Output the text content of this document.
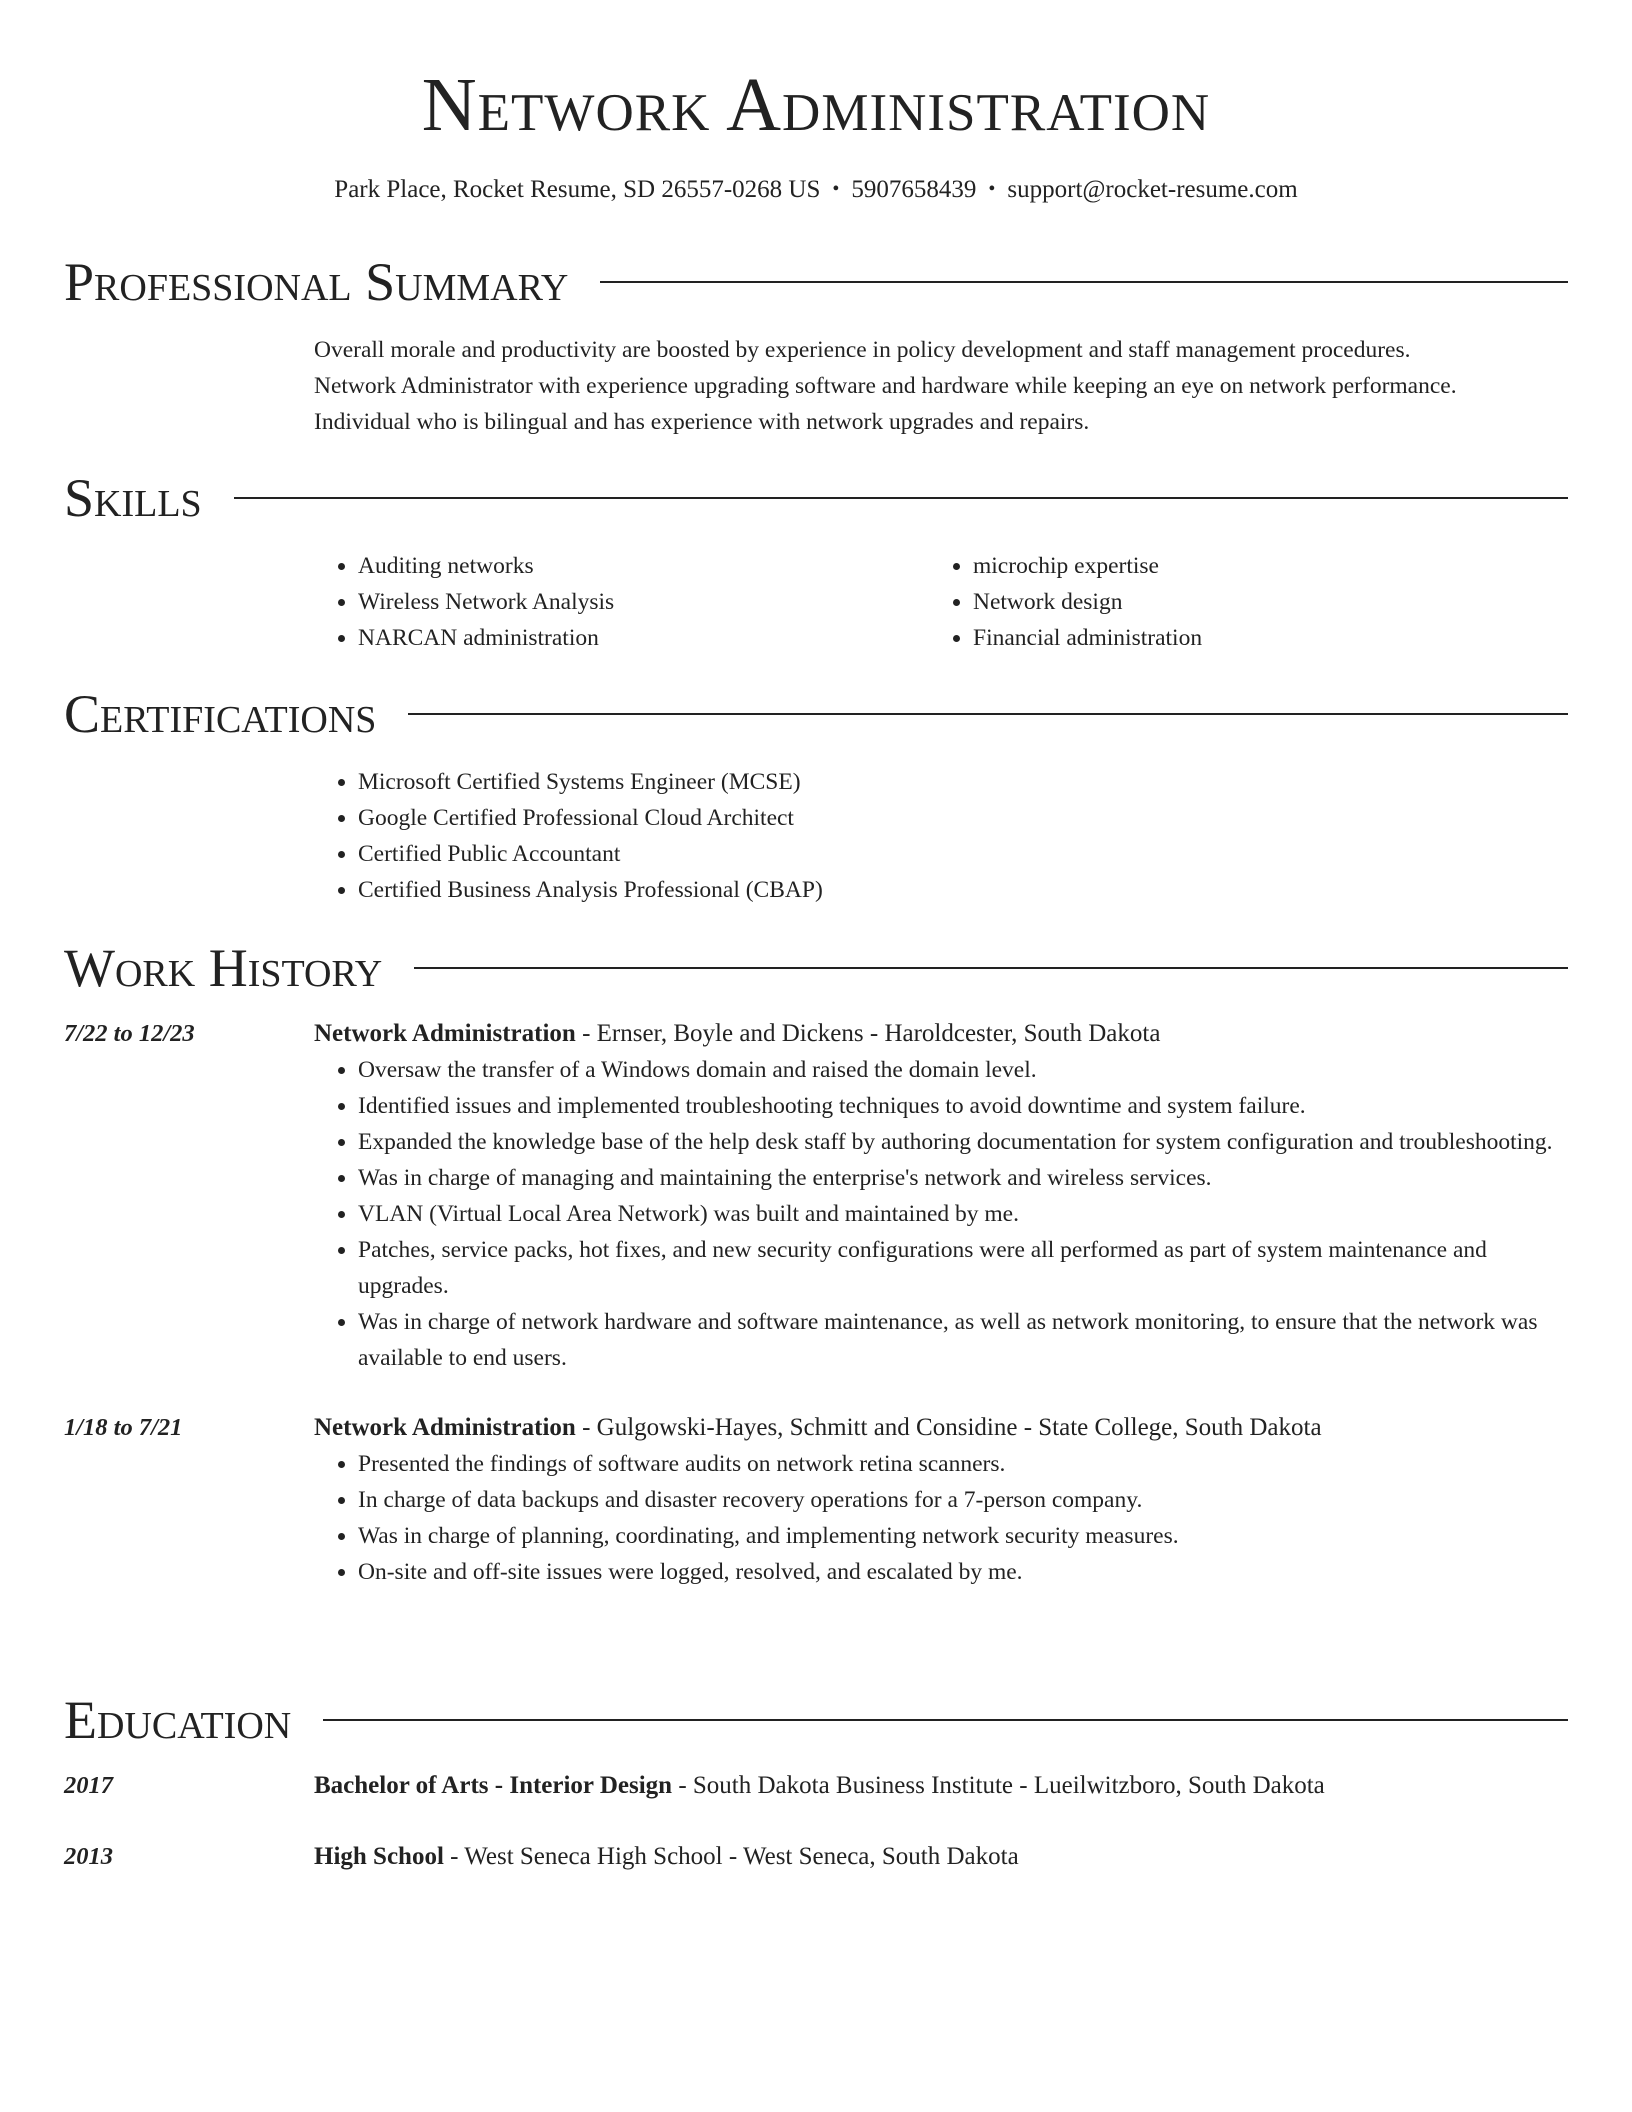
Network Administration

Park Place, Rocket Resume, SD 26557-0268 US • 5907658439 • support@rocket-resume.com

Professional Summary

Overall morale and productivity are boosted by experience in policy development and staff management procedures.
Network Administrator with experience upgrading software and hardware while keeping an eye on network performance.
Individual who is bilingual and has experience with network upgrades and repairs.

Skills
• Auditing networks
• Wireless Network Analysis
• NARCAN administration
• microchip expertise
• Network design
• Financial administration
Certifications
• Microsoft Certified Systems Engineer (MCSE)
• Google Certified Professional Cloud Architect
• Certified Public Accountant
• Certified Business Analysis Professional (CBAP)
Work History
7/22 to 12/23	Network Administration - Ernser, Boyle and Dickens - Haroldcester, South Dakota
• Oversaw the transfer of a Windows domain and raised the domain level.
• Identified issues and implemented troubleshooting techniques to avoid downtime and system failure.
• Expanded the knowledge base of the help desk staff by authoring documentation for system configuration and troubleshooting.
• Was in charge of managing and maintaining the enterprise's network and wireless services.
• VLAN (Virtual Local Area Network) was built and maintained by me.
• Patches, service packs, hot fixes, and new security configurations were all performed as part of system maintenance and upgrades.
• Was in charge of network hardware and software maintenance, as well as network monitoring, to ensure that the network was available to end users.
1/18 to 7/21	Network Administration - Gulgowski-Hayes, Schmitt and Considine - State College, South Dakota
• Presented the findings of software audits on network retina scanners.
• In charge of data backups and disaster recovery operations for a 7-person company.
• Was in charge of planning, coordinating, and implementing network security measures.
• On-site and off-site issues were logged, resolved, and escalated by me.
Education
2017	Bachelor of Arts - Interior Design - South Dakota Business Institute - Lueilwitzboro, South Dakota
2013	High School - West Seneca High School - West Seneca, South Dakota
